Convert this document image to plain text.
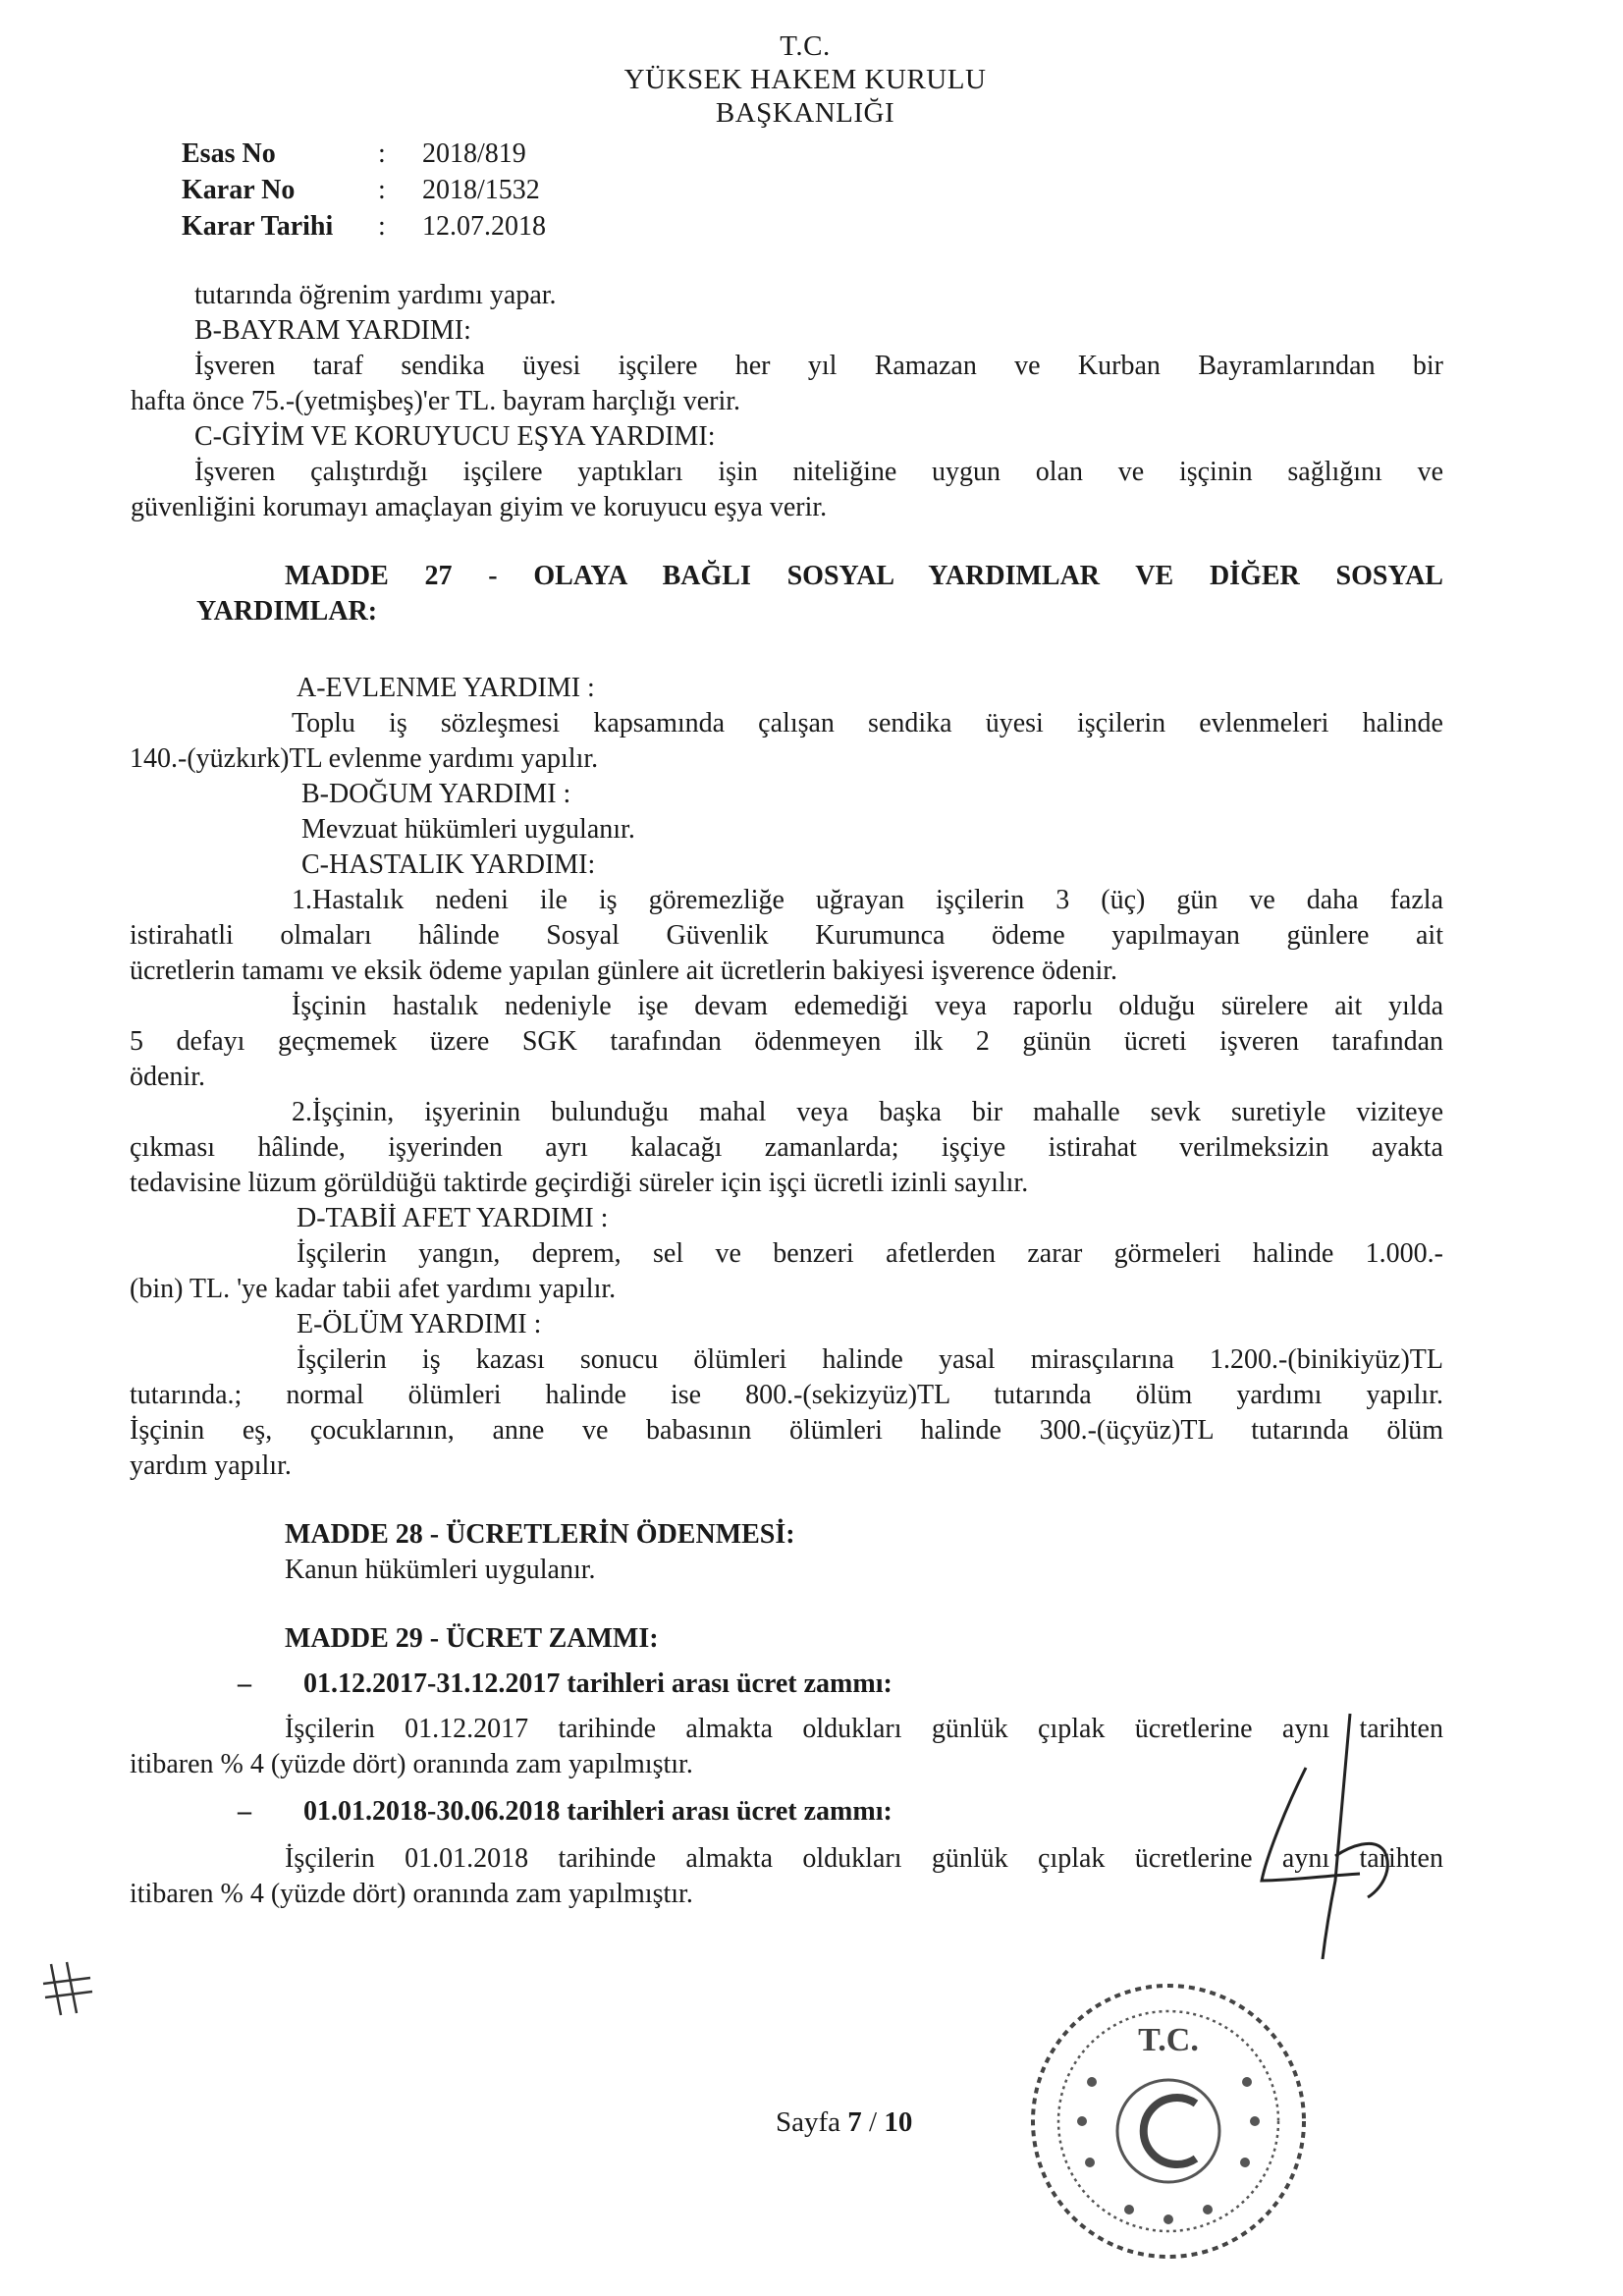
T.C.
YÜKSEK HAKEM KURULU
BAŞKANLIĞI
Esas No	:	2018/819
Karar No	:	2018/1532
Karar Tarihi	:	12.07.2018
tutarında öğrenim yardımı yapar.
B-BAYRAM YARDIMI:
İşveren taraf sendika üyesi işçilere her yıl Ramazan ve Kurban Bayramlarından bir
hafta önce 75.-(yetmişbeş)'er TL. bayram harçlığı verir.
C-GİYİM VE KORUYUCU EŞYA YARDIMI:
İşveren çalıştırdığı işçilere yaptıkları işin niteliğine uygun olan ve işçinin sağlığını ve
güvenliğini korumayı amaçlayan giyim ve koruyucu eşya verir.
MADDE 27 - OLAYA BAĞLI SOSYAL YARDIMLAR VE DİĞER SOSYAL
YARDIMLAR:
A-EVLENME YARDIMI :
Toplu iş sözleşmesi kapsamında çalışan sendika üyesi işçilerin evlenmeleri halinde
140.-(yüzkırk)TL evlenme yardımı yapılır.
B-DOĞUM YARDIMI :
Mevzuat hükümleri uygulanır.
C-HASTALIK YARDIMI:
1.Hastalık nedeni ile iş göremezliğe uğrayan işçilerin 3 (üç) gün ve daha fazla
istirahatli olmaları hâlinde Sosyal Güvenlik Kurumunca ödeme yapılmayan günlere ait
ücretlerin tamamı ve eksik ödeme yapılan günlere ait ücretlerin bakiyesi işverence ödenir.
İşçinin hastalık nedeniyle işe devam edemediği veya raporlu olduğu sürelere ait yılda
5 defayı geçmemek üzere SGK tarafından ödenmeyen ilk 2 günün ücreti işveren tarafından
ödenir.
2.İşçinin, işyerinin bulunduğu mahal veya başka bir mahalle sevk suretiyle viziteye
çıkması hâlinde, işyerinden ayrı kalacağı zamanlarda; işçiye istirahat verilmeksizin ayakta
tedavisine lüzum görüldüğü taktirde geçirdiği süreler için işçi ücretli izinli sayılır.
D-TABİİ AFET YARDIMI :
İşçilerin yangın, deprem, sel ve benzeri afetlerden zarar görmeleri halinde 1.000.-
(bin) TL. 'ye kadar tabii afet yardımı yapılır.
E-ÖLÜM YARDIMI :
İşçilerin iş kazası sonucu ölümleri halinde yasal mirasçılarına 1.200.-(binikiyüz)TL
tutarında.; normal ölümleri halinde ise 800.-(sekizyüz)TL tutarında ölüm yardımı yapılır.
İşçinin eş, çocuklarının, anne ve babasının ölümleri halinde 300.-(üçyüz)TL tutarında ölüm
yardım yapılır.
MADDE 28 - ÜCRETLERİN ÖDENMESİ:
Kanun hükümleri uygulanır.
MADDE 29 - ÜCRET ZAMMI:
– 01.12.2017-31.12.2017 tarihleri arası ücret zammı:
İşçilerin 01.12.2017 tarihinde almakta oldukları günlük çıplak ücretlerine aynı tarihten
itibaren % 4 (yüzde dört) oranında zam yapılmıştır.
– 01.01.2018-30.06.2018 tarihleri arası ücret zammı:
İşçilerin 01.01.2018 tarihinde almakta oldukları günlük çıplak ücretlerine aynı tarihten
itibaren % 4 (yüzde dört) oranında zam yapılmıştır.
Sayfa 7 / 10
T.C.
